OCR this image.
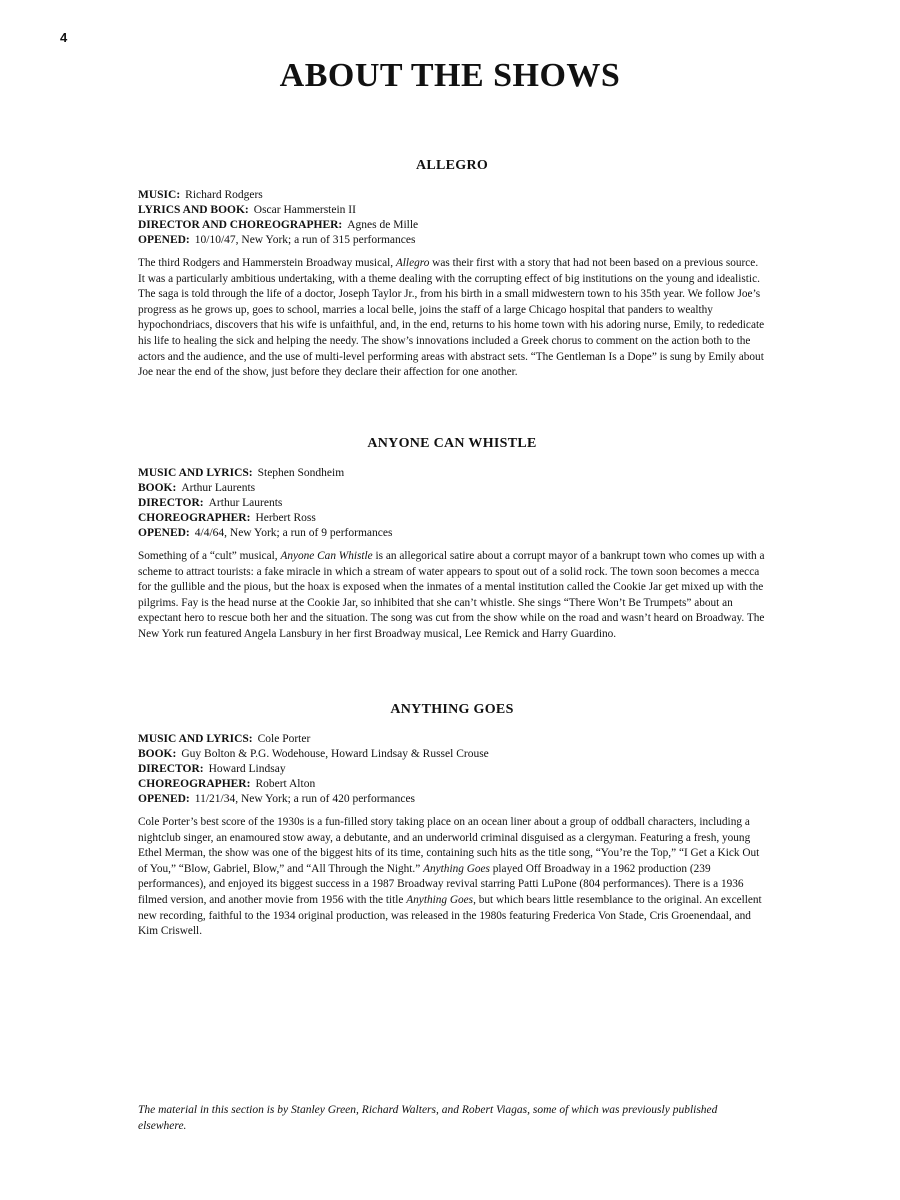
4
ABOUT THE SHOWS
ALLEGRO
MUSIC: Richard Rodgers
LYRICS AND BOOK: Oscar Hammerstein II
DIRECTOR AND CHOREOGRAPHER: Agnes de Mille
OPENED: 10/10/47, New York; a run of 315 performances

The third Rodgers and Hammerstein Broadway musical, Allegro was their first with a story that had not been based on a previous source. It was a particularly ambitious undertaking, with a theme dealing with the corrupting effect of big institutions on the young and idealistic. The saga is told through the life of a doctor, Joseph Taylor Jr., from his birth in a small midwestern town to his 35th year. We follow Joe’s progress as he grows up, goes to school, marries a local belle, joins the staff of a large Chicago hospital that panders to wealthy hypochondriacs, discovers that his wife is unfaithful, and, in the end, returns to his home town with his adoring nurse, Emily, to rededicate his life to healing the sick and helping the needy. The show’s innovations included a Greek chorus to comment on the action both to the actors and the audience, and the use of multi-level performing areas with abstract sets. “The Gentleman Is a Dope” is sung by Emily about Joe near the end of the show, just before they declare their affection for one another.

ANYONE CAN WHISTLE
MUSIC AND LYRICS: Stephen Sondheim
BOOK: Arthur Laurents
DIRECTOR: Arthur Laurents
CHOREOGRAPHER: Herbert Ross
OPENED: 4/4/64, New York; a run of 9 performances

Something of a “cult” musical, Anyone Can Whistle is an allegorical satire about a corrupt mayor of a bankrupt town who comes up with a scheme to attract tourists: a fake miracle in which a stream of water appears to spout out of a solid rock. The town soon becomes a mecca for the gullible and the pious, but the hoax is exposed when the inmates of a mental institution called the Cookie Jar get mixed up with the pilgrims. Fay is the head nurse at the Cookie Jar, so inhibited that she can’t whistle. She sings “There Won’t Be Trumpets” about an expectant hero to rescue both her and the situation. The song was cut from the show while on the road and wasn’t heard on Broadway. The New York run featured Angela Lansbury in her first Broadway musical, Lee Remick and Harry Guardino.

ANYTHING GOES
MUSIC AND LYRICS: Cole Porter
BOOK: Guy Bolton & P.G. Wodehouse, Howard Lindsay & Russel Crouse
DIRECTOR: Howard Lindsay
CHOREOGRAPHER: Robert Alton
OPENED: 11/21/34, New York; a run of 420 performances

Cole Porter’s best score of the 1930s is a fun-filled story taking place on an ocean liner about a group of oddball characters, including a nightclub singer, an enamoured stow away, a debutante, and an underworld criminal disguised as a clergyman. Featuring a fresh, young Ethel Merman, the show was one of the biggest hits of its time, containing such hits as the title song, “You’re the Top,” “I Get a Kick Out of You,” “Blow, Gabriel, Blow,” and “All Through the Night.” Anything Goes played Off Broadway in a 1962 production (239 performances), and enjoyed its biggest success in a 1987 Broadway revival starring Patti LuPone (804 performances). There is a 1936 filmed version, and another movie from 1956 with the title Anything Goes, but which bears little resemblance to the original. An excellent new recording, faithful to the 1934 original production, was released in the 1980s featuring Frederica Von Stade, Cris Groenendaal, and Kim Criswell.

The material in this section is by Stanley Green, Richard Walters, and Robert Viagas, some of which was previously published elsewhere.
